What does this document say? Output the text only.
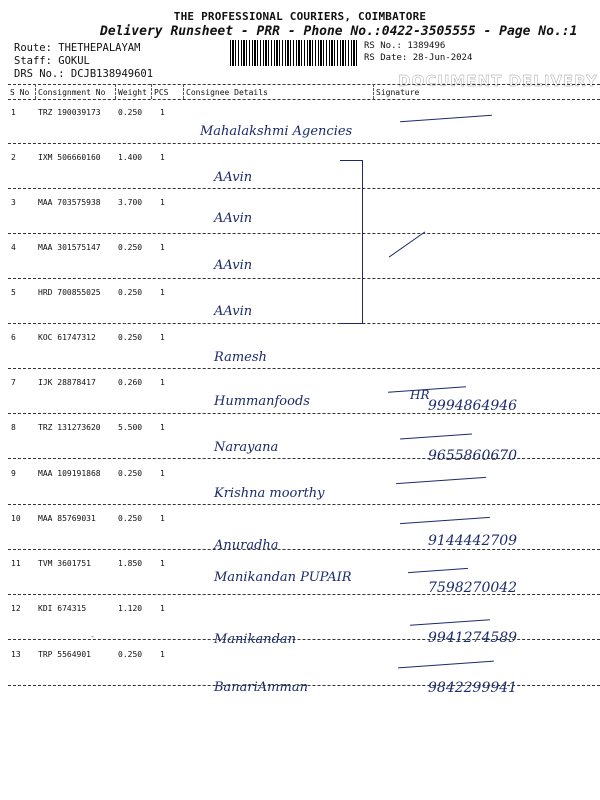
THE PROFESSIONAL COURIERS, COIMBATORE
Delivery Runsheet - PRR - Phone No.:0422-3505555 - Page No.:1
Route: THETHEPALAYAM
Staff: GOKUL
DRS No.: DCJB138949601
RS No.: 1389496
RS Date: 28-Jun-2024
DOCUMENT DELIVERY
S No Consignment No Weight PCS Consignee Details	Signature
1	TRZ 190039173 0.250 1
Mahalakshmi Agencies
2	IXM 506660160 1.400 1
AAvin
3	MAA 703575938 3.700 1
AAvin
4	MAA 301575147 0.250 1
AAvin
5	HRD 700855025 0.250 1
AAvin
6	KOC 61747312	0.250 1
Ramesh
7	IJK 28878417	0.260 1
Hummanfoods	HR
9994864946
8	TRZ 131273620 5.500 1
Narayana
9655860670
9	MAA 109191868 0.250 1
Krishna moorthy
10 MAA 85769031	0.250 1
Anuradha	9144442709
11 TVM 3601751	1.850 1
Manikandan PUPAIR
7598270042
12 KDI 674315	1.120 1
Manikandan	9941274589
13 TRP 5564901	0.250 1
BanariAmman	9842299941
-
